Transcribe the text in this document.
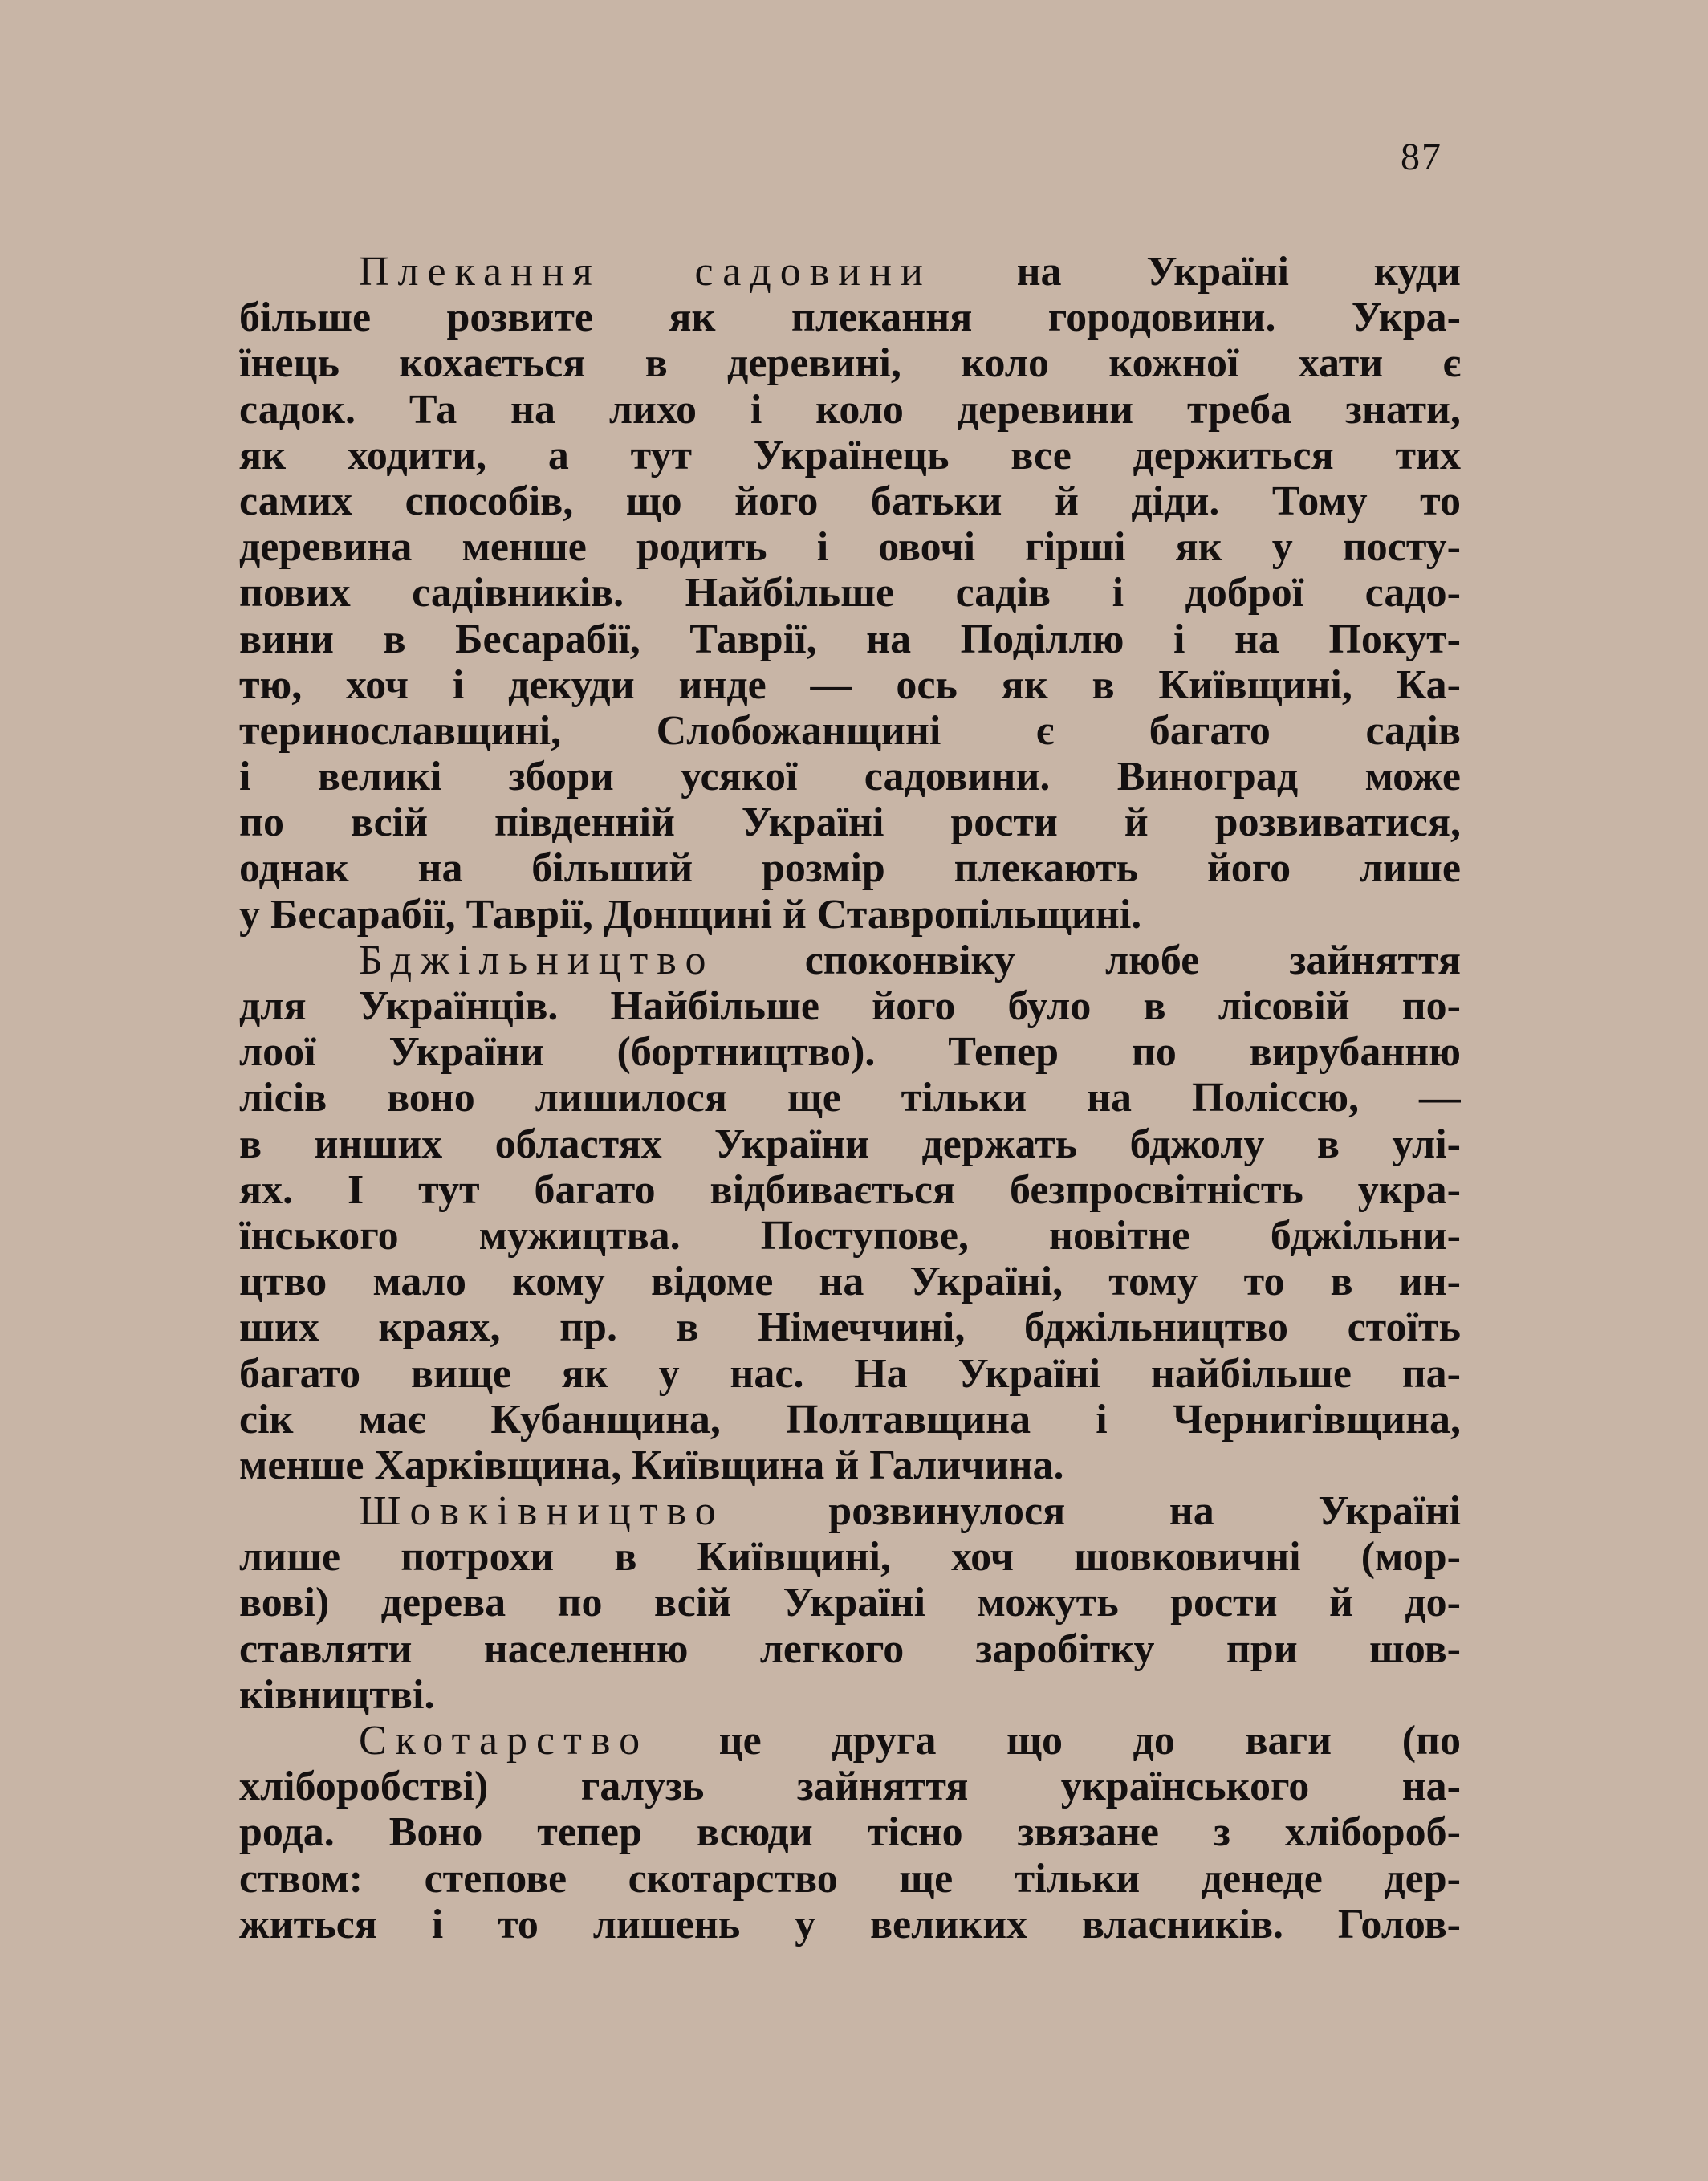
87
Плекання садовини на Україні куди
більше розвите як плекання городовини. Укра-
їнець кохається в деревині, коло кожної хати є
садок. Та на лихо і коло деревини треба знати,
як ходити, а тут Українець все держиться тих
самих способів, що його батьки й діди. Тому то
деревина менше родить і овочі гірші як у посту-
пових садівників. Найбільше садів і доброї садо-
вини в Бесарабії, Таврії, на Поділлю і на Покут-
тю, хоч і декуди инде — ось як в Київщині, Ка-
теринославщині, Слобожанщині є багато садів
і великі збори усякої садовини. Виноград може
по всій південній Україні рости й розвиватися,
однак на більший розмір плекають його лише
у Бесарабії, Таврії, Донщині й Ставропільщині.
Бджільництво споконвіку любе зайняття
для Українців. Найбільше його було в лісовій по-
лоої України (бортництво). Тепер по вирубанню
лісів воно лишилося ще тільки на Поліссю, —
в инших областях України держать бджолу в улі-
ях. І тут багато відбивається безпросвітність укра-
їнського мужицтва. Поступове, новітне бджільни-
цтво мало кому відоме на Україні, тому то в ин-
ших краях, пр. в Німеччині, бджільництво стоїть
багато вище як у нас. На Україні найбільше па-
сік має Кубанщина, Полтавщина і Чернигівщина,
менше Харківщина, Київщина й Галичина.
Шовківництво розвинулося на Україні
лише потрохи в Київщині, хоч шовковичні (мор-
вові) дерева по всій Україні можуть рости й до-
ставляти населенню легкого заробітку при шов-
ківництві.
Скотарство це друга що до ваги (по
хліборобстві) галузь зайняття українського на-
рода. Воно тепер всюди тісно звязане з хлібороб-
ством: степове скотарство ще тільки денеде дер-
житься і то лишень у великих власників. Голов-
